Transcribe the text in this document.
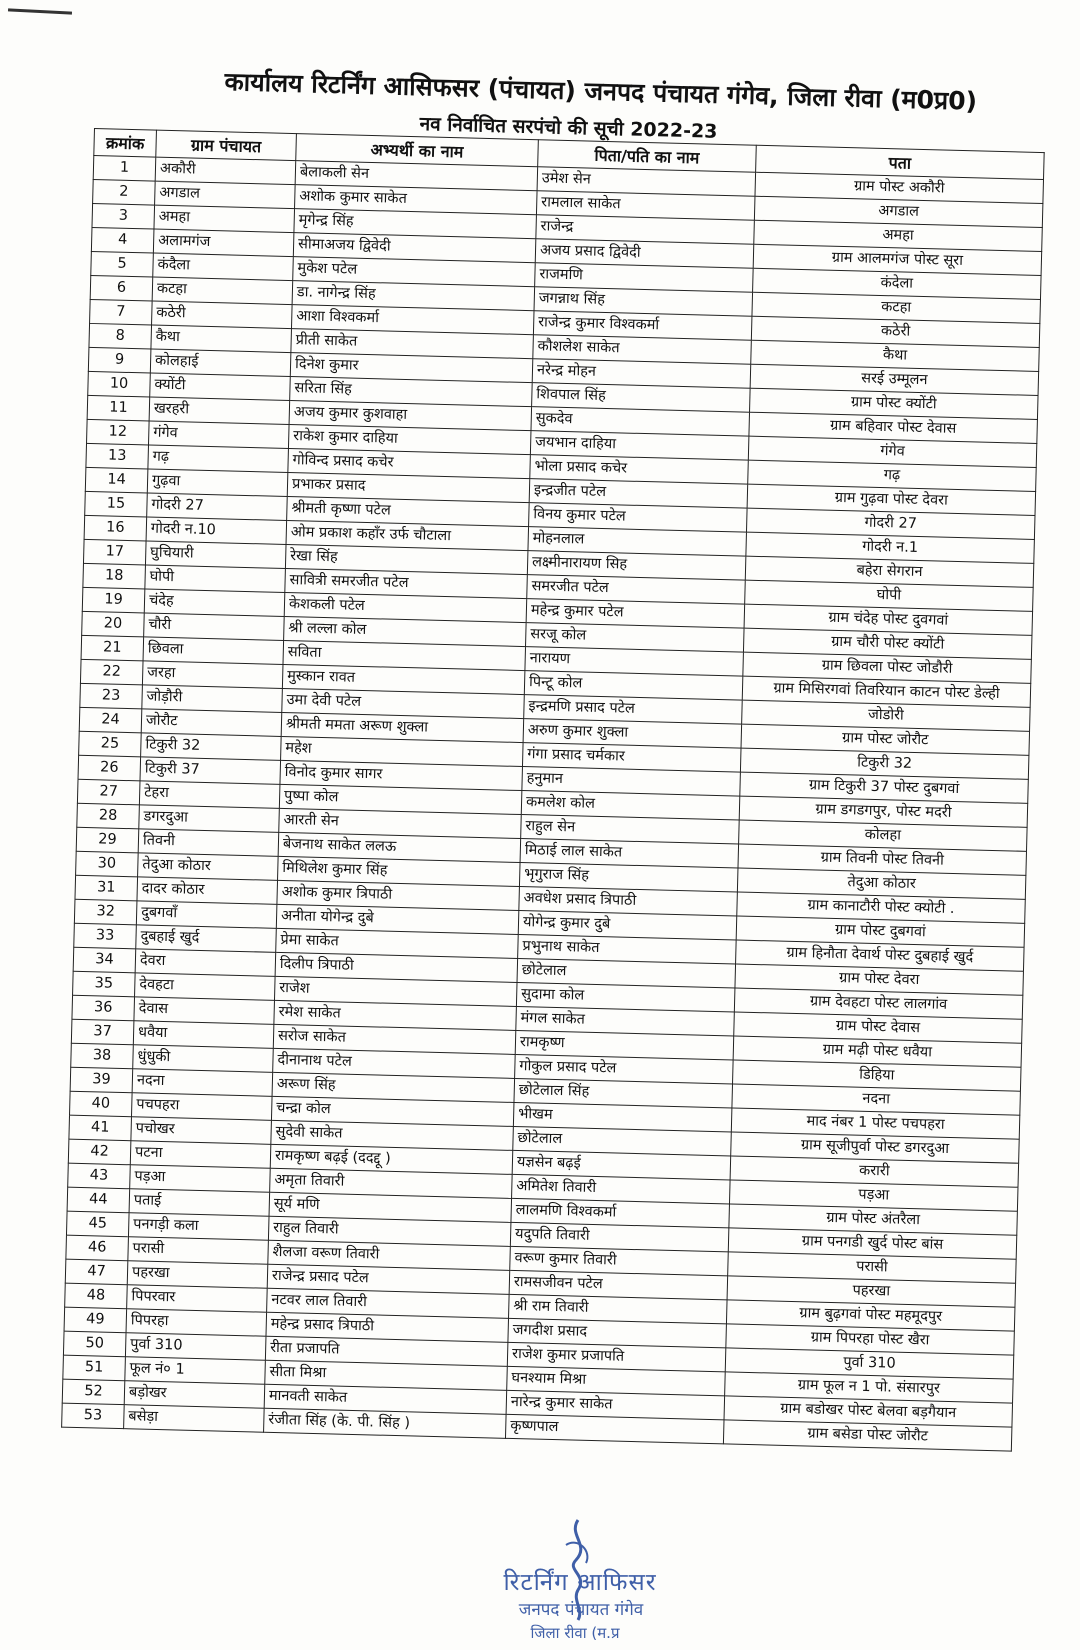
कार्यालय रिटर्निंग आसिफसर (पंचायत) जनपद पंचायत गंगेव, जिला रीवा (म0प्र0)
नव निर्वाचित सरपंचो की सूची 2022-23
क्रमांक	ग्राम पंचायत	अभ्यर्थी का नाम	पिता/पति का नाम	पता
1	अकौरी	बेलाकली सेन	उमेश सेन	ग्राम पोस्ट अकौरी
2	अगडाल	अशोक कुमार साकेत	रामलाल साकेत	अगडाल
3	अमहा	मृगेन्द्र सिंह	राजेन्द्र	अमहा
4	अलामगंज	सीमाअजय द्विवेदी	अजय प्रसाद द्विवेदी	ग्राम आलमगंज पोस्ट सूरा
5	कंदैला	मुकेश पटेल	राजमणि	कंदेला
6	कटहा	डा. नागेन्द्र सिंह	जगन्नाथ सिंह	कटहा
7	कठेरी	आशा विश्वकर्मा	राजेन्द्र कुमार विश्वकर्मा	कठेरी
8	कैथा	प्रीती साकेत	कौशलेश साकेत	कैथा
9	कोलहाई	दिनेश कुमार	नरेन्द्र मोहन	सरई उम्मूलन
10	क्योंटी	सरिता सिंह	शिवपाल सिंह	ग्राम पोस्ट क्योंटी
11	खरहरी	अजय कुमार कुशवाहा	सुकदेव	ग्राम बहिवार पोस्ट देवास
12	गंगेव	राकेश कुमार दाहिया	जयभान दाहिया	गंगेव
13	गढ़	गोविन्द प्रसाद कचेर	भोला प्रसाद कचेर	गढ़
14	गुढ़वा	प्रभाकर प्रसाद	इन्द्रजीत पटेल	ग्राम गुढ़वा पोस्ट देवरा
15	गोदरी 27	श्रीमती कृष्णा पटेल	विनय कुमार पटेल	गोदरी 27
16	गोदरी न.10	ओम प्रकाश कहाँर उर्फ चौटाला	मोहनलाल	गोदरी न.1
17	घुचियारी	रेखा सिंह	लक्ष्मीनारायण सिह	बहेरा सेगरान
18	घोपी	सावित्री समरजीत पटेल	समरजीत पटेल	घोपी
19	चंदेह	केशकली पटेल	महेन्द्र कुमार पटेल	ग्राम चंदेह पोस्ट दुवगवां
20	चौरी	श्री लल्ला कोल	सरजू कोल	ग्राम चौरी पोस्ट क्योंटी
21	छिवला	सविता	नारायण	ग्राम छिवला पोस्ट जोडौरी
22	जरहा	मुस्कान रावत	पिन्टू कोल	ग्राम मिसिरगवां तिवरियान काटन पोस्ट डेल्ही
23	जोड़ौरी	उमा देवी पटेल	इन्द्रमणि प्रसाद पटेल	जोडोरी
24	जोरौट	श्रीमती ममता अरूण शुक्ला	अरुण कुमार शुक्ला	ग्राम पोस्ट जोरौट
25	टिकुरी 32	महेश	गंगा प्रसाद चर्मकार	टिकुरी 32
26	टिकुरी 37	विनोद कुमार सागर	हनुमान	ग्राम टिकुरी 37 पोस्ट दुबगवां
27	टेहरा	पुष्पा कोल	कमलेश कोल	ग्राम डगडगपुर, पोस्ट मदरी
28	डगरदुआ	आरती सेन	राहुल सेन	कोलहा
29	तिवनी	बेजनाथ साकेत ललऊ	मिठाई लाल साकेत	ग्राम तिवनी पोस्ट तिवनी
30	तेदुआ कोठार	मिथिलेश कुमार सिंह	भृगुराज सिंह	तेदुआ कोठार
31	दादर कोठार	अशोक कुमार त्रिपाठी	अवधेश प्रसाद त्रिपाठी	ग्राम कानाटौरी पोस्ट क्योटी .
32	दुबगवाँ	अनीता योगेन्द्र दुबे	योगेन्द्र कुमार दुबे	ग्राम पोस्ट दुबगवां
33	दुबहाई खुर्द	प्रेमा साकेत	प्रभुनाथ साकेत	ग्राम हिनौता देवार्थ पोस्ट दुबहाई खुर्द
34	देवरा	दिलीप त्रिपाठी	छोटेलाल	ग्राम पोस्ट देवरा
35	देवहटा	राजेश	सुदामा कोल	ग्राम देवहटा पोस्ट लालगांव
36	देवास	रमेश साकेत	मंगल साकेत	ग्राम पोस्ट देवास
37	धवैया	सरोज साकेत	रामकृष्ण	ग्राम मढ़ी पोस्ट धवैया
38	धुंधुकी	दीनानाथ पटेल	गोकुल प्रसाद पटेल	डिहिया
39	नदना	अरूण सिंह	छोटेलाल सिंह	नदना
40	पचपहरा	चन्द्रा कोल	भीखम	माद नंबर 1 पोस्ट पचपहरा
41	पचोखर	सुदेवी साकेत	छोटेलाल	ग्राम सूजीपुर्वा पोस्ट डगरदुआ
42	पटना	रामकृष्ण बढ़ई (ददद्दू )	यज्ञसेन बढ़ई	करारी
43	पड़आ	अमृता तिवारी	अमितेश तिवारी	पड़आ
44	पताई	सूर्य मणि	लालमणि विश्वकर्मा	ग्राम पोस्ट अंतरैला
45	पनगड़ी कला	राहुल तिवारी	यदुपति तिवारी	ग्राम पनगडी खुर्द पोस्ट बांस
46	परासी	शैलजा वरूण तिवारी	वरूण कुमार तिवारी	परासी
47	पहरखा	राजेन्द्र प्रसाद पटेल	रामसजीवन पटेल	पहरखा
48	पिपरवार	नटवर लाल तिवारी	श्री राम तिवारी	ग्राम बुढ़गवां पोस्ट महमूदपुर
49	पिपरहा	महेन्द्र प्रसाद त्रिपाठी	जगदीश प्रसाद	ग्राम पिपरहा पोस्ट खैरा
50	पुर्वा 310	रीता प्रजापति	राजेश कुमार प्रजापति	पुर्वा 310
51	फूल नं० 1	सीता मिश्रा	घनश्याम मिश्रा	ग्राम फूल न 1 पो. संसारपुर
52	बड़ोखर	मानवती साकेत	नारेन्द्र कुमार साकेत	ग्राम बडोखर पोस्ट बेलवा बड़गैयान
53	बसेड़ा	रंजीता सिंह (के. पी. सिंह )	कृष्णपाल	ग्राम बसेडा पोस्ट जोरौट
रिटर्निंग आफिसर
जनपद पंचायत गंगेव
जिला रीवा (म.प्र
